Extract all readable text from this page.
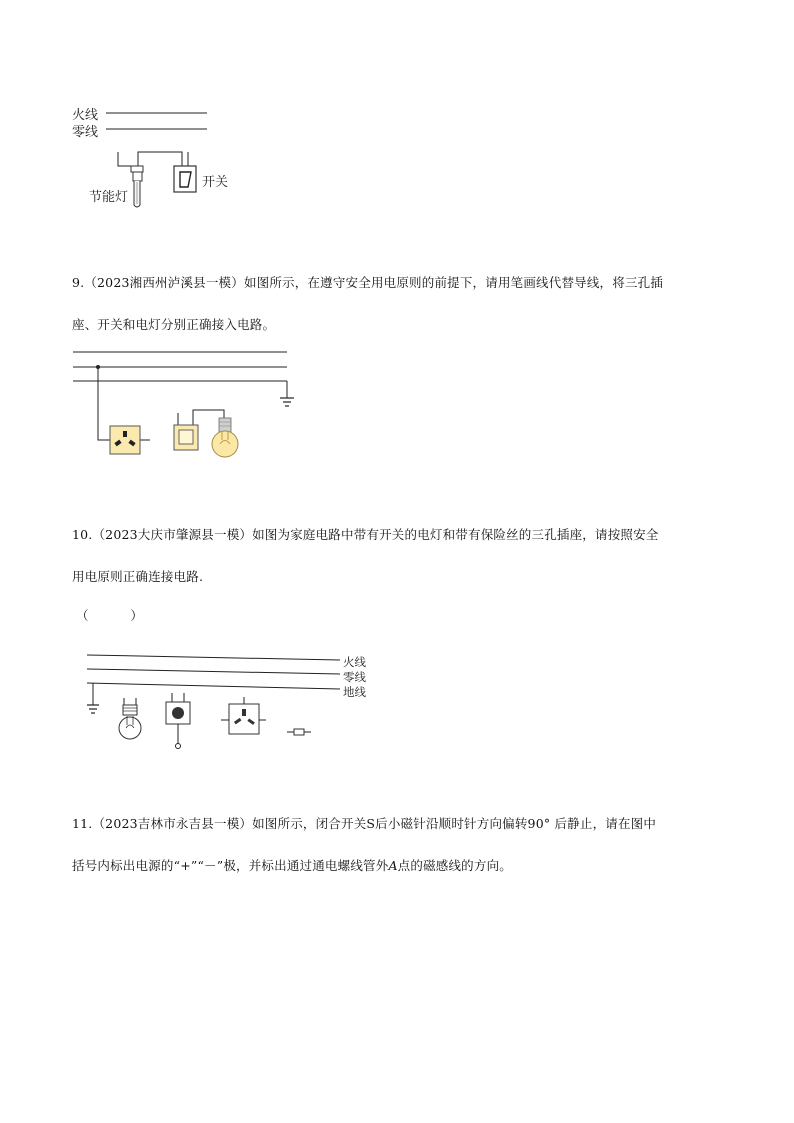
火线
零线
节能灯
开关
9.（2023湘西州泸溪县一模）如图所示，在遵守安全用电原则的前提下，请用笔画线代替导线，将三孔插
座、开关和电灯分别正确接入电路。
10.（2023大庆市肇源县一模）如图为家庭电路中带有开关的电灯和带有保险丝的三孔插座，请按照安全
用电原则正确连接电路.
（          ）
火线
零线
地线
11.（2023吉林市永吉县一模）如图所示，闭合开关S后小磁针沿顺时针方向偏转90° 后静止，请在图中
括号内标出电源的“+”“－”极，并标出通过通电螺线管外A点的磁感线的方向。
